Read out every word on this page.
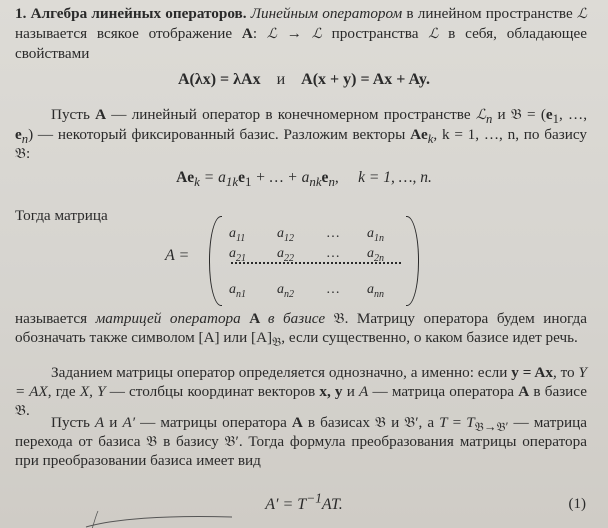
1. Алгебра линейных операторов. Линейным оператором в линейном пространстве ℒ называется всякое отображение A: ℒ → ℒ пространства ℒ в себя, обладающее свойствами

A(λx) = λAx и A(x + y) = Ax + Ay.

Пусть A — линейный оператор в конечномерном пространстве ℒ$_n$ и 𝔅 = ($e_1$, …, $e_n$) — некоторый фиксированный базис. Разложим векторы $Ae_k$, k = 1, …, n, по базису 𝔅:

$Ae_k = a_{1k}e_1$ + … + $a_{nk}e_n$,     k = 1, …, n.

Тогда матрица
A =
$a_{11}$ $a_{12}$ … $a_{1n}$
$a_{21}$ $a_{22}$ … $a_{2n}$
$a_{n1}$ $a_{n2}$ … $a_{nn}$

называется матрицей оператора A в базисе 𝔅. Матрицу оператора будем иногда обозначать также символом [A] или $[A]_𝔅$, если существенно, о каком базисе идет речь.

Заданием матрицы оператор определяется однозначно, а именно: если y = Ax, то Y = AX, где X, Y — столбцы координат векторов x, y и A — матрица оператора A в базисе 𝔅.

Пусть A и A′ — матрицы оператора A в базисах 𝔅 и 𝔅′, а $T = T_{𝔅\to 𝔅'}$ — матрица перехода от базиса 𝔅 в базису 𝔅′. Тогда формула преобразования матрицы оператора при преобразовании базиса имеет вид

$A' = T^{-1}AT$.	(1)
